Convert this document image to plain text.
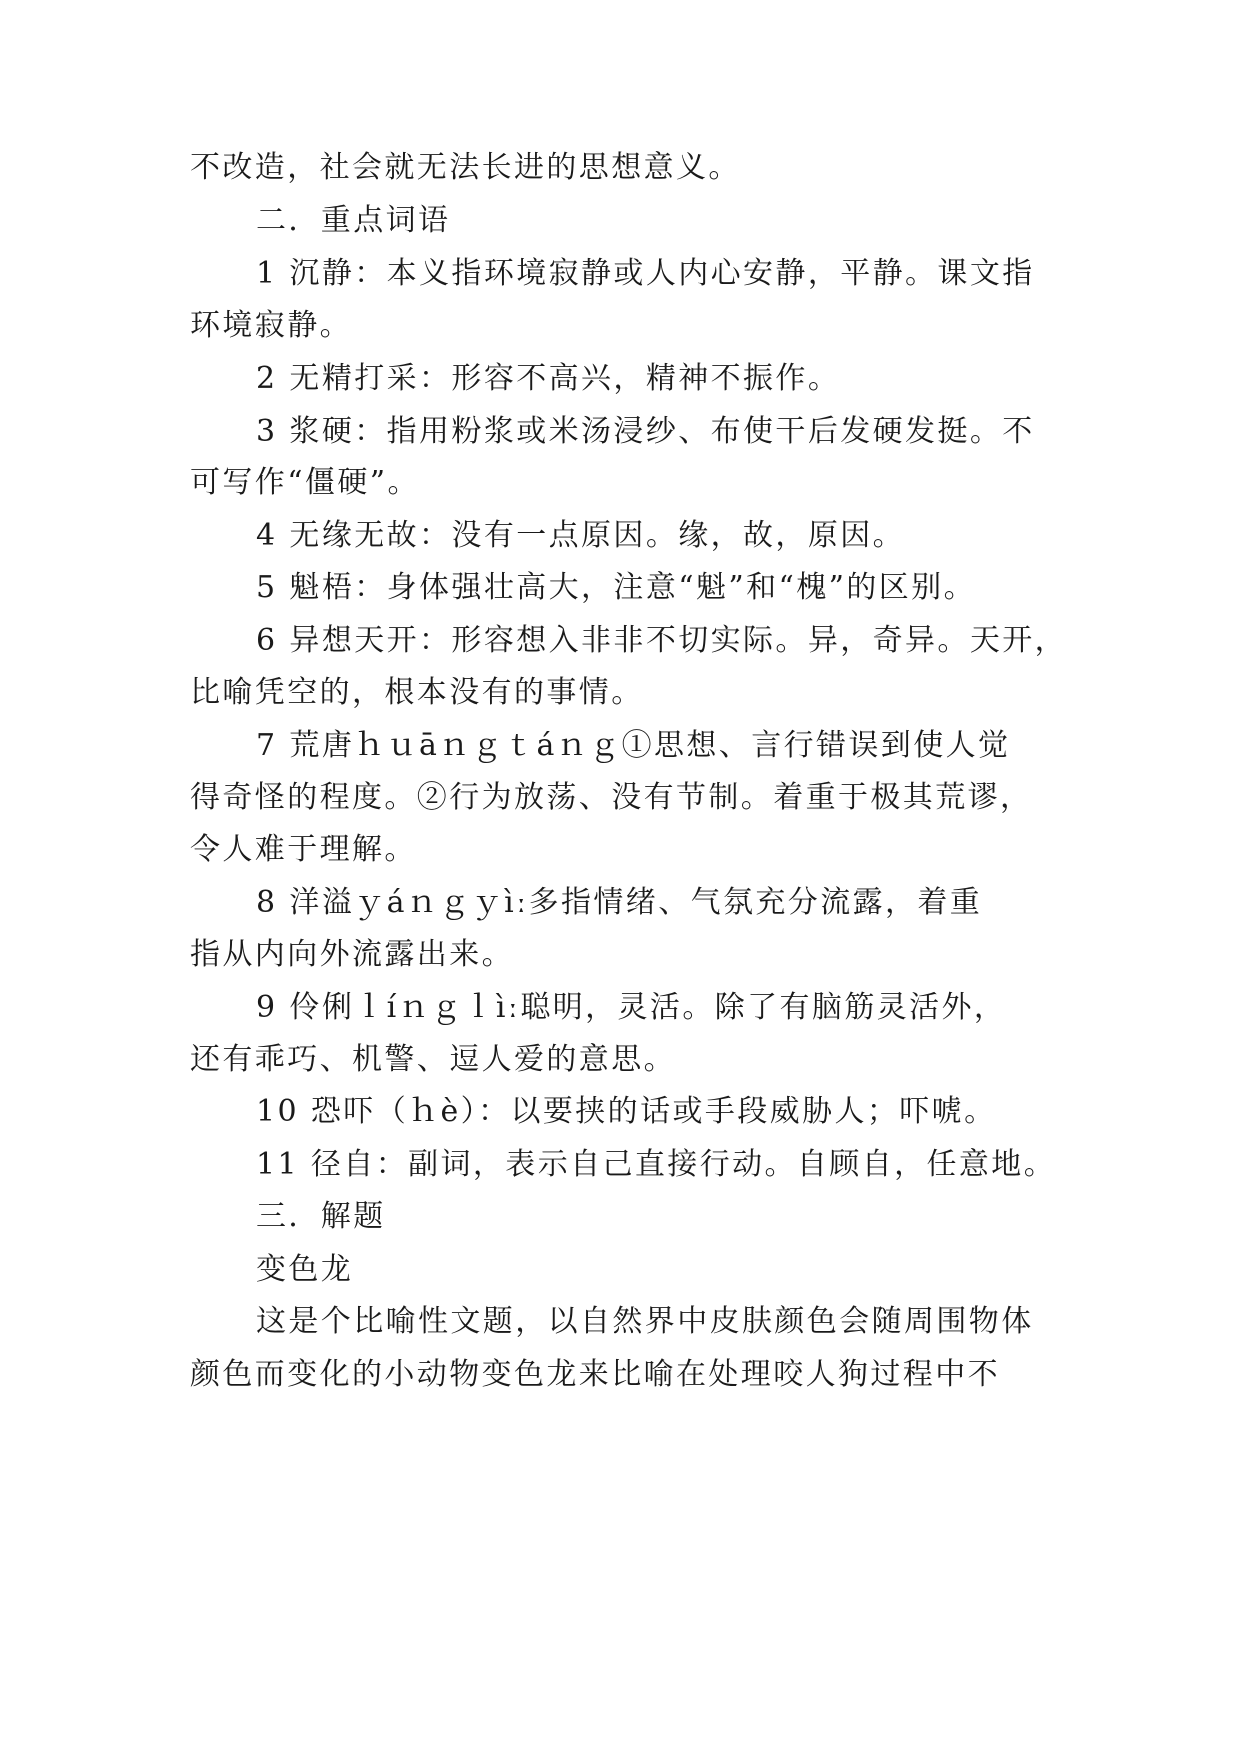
不改造，社会就无法长进的思想意义。
二．重点词语
1 沉静：本义指环境寂静或人内心安静，平静。课文指
环境寂静。
2 无精打采：形容不高兴，精神不振作。
3 浆硬：指用粉浆或米汤浸纱、布使干后发硬发挺。不
可写作“僵硬”。
4 无缘无故：没有一点原因。缘，故，原因。
5 魁梧：身体强壮高大，注意“魁”和“槐”的区别。
6 异想天开：形容想入非非不切实际。异，奇异。天开，
比喻凭空的，根本没有的事情。
7 荒唐ｈｕāｎｇｔáｎｇ①思想、言行错误到使人觉
得奇怪的程度。②行为放荡、没有节制。着重于极其荒谬，
令人难于理解。
8 洋溢ｙáｎｇｙìː多指情绪、气氛充分流露，着重
指从内向外流露出来。
9 伶俐ｌíｎｇｌìː聪明，灵活。除了有脑筋灵活外，
还有乖巧、机警、逗人爱的意思。
10 恐吓（ｈè）：以要挟的话或手段威胁人；吓唬。
11 径自：副词，表示自己直接行动。自顾自，任意地。
三．解题
变色龙
这是个比喻性文题，以自然界中皮肤颜色会随周围物体
颜色而变化的小动物变色龙来比喻在处理咬人狗过程中不
